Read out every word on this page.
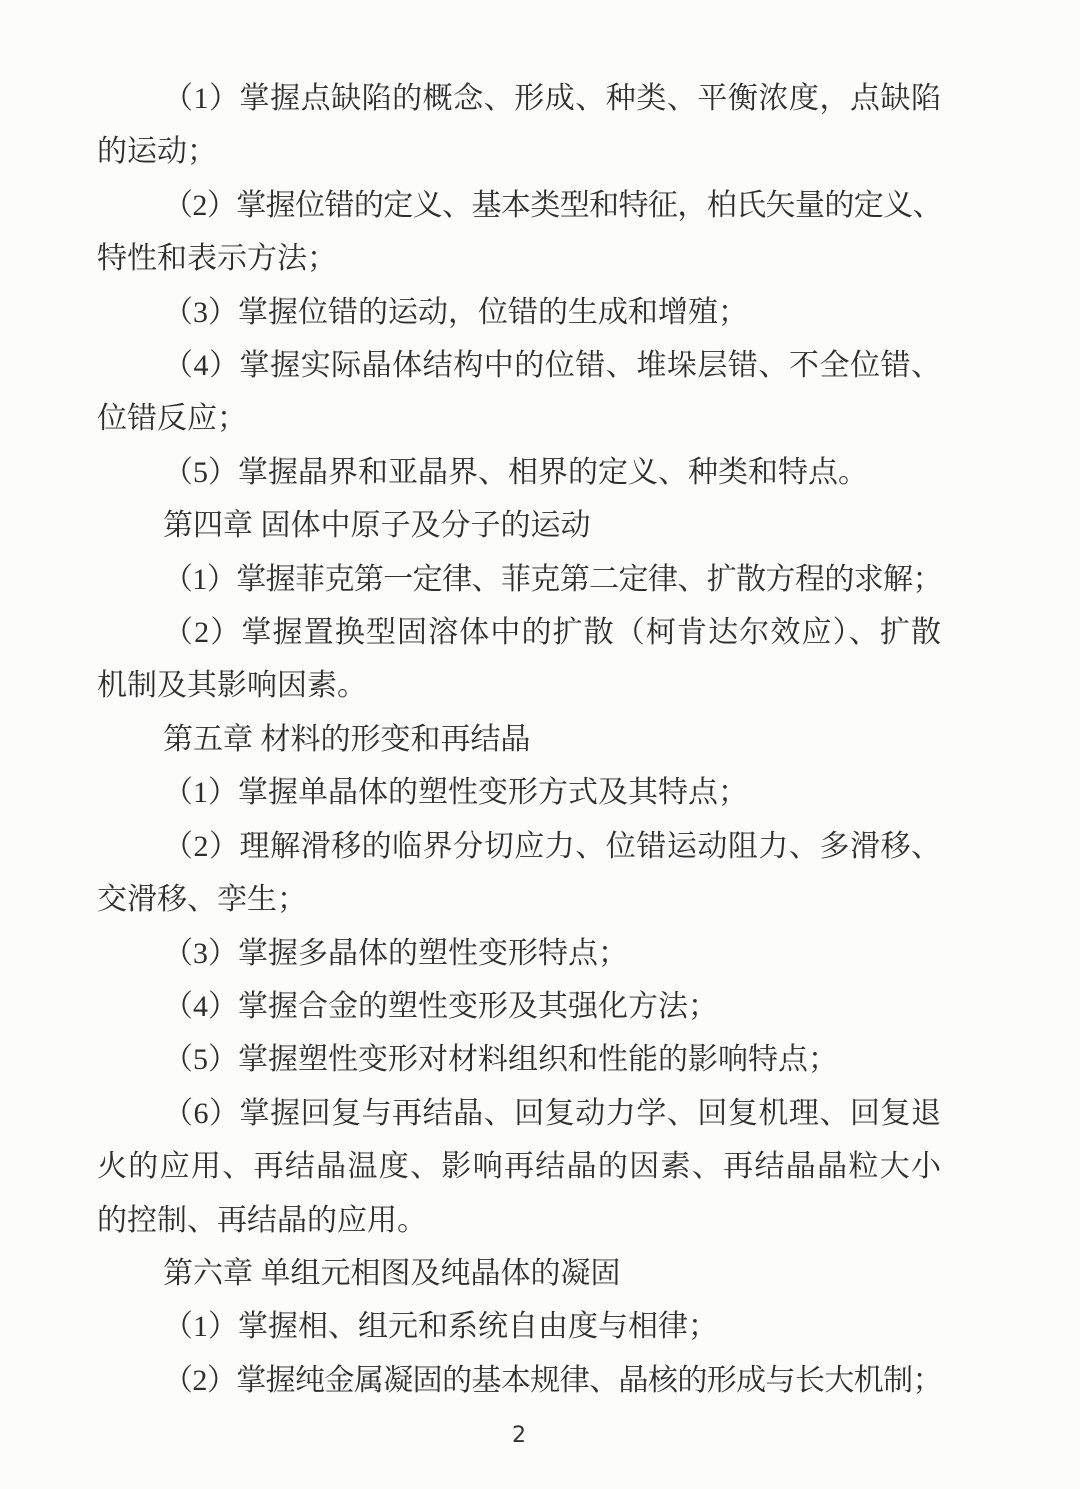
（1）掌握点缺陷的概念、形成、种类、平衡浓度，点缺陷
的运动；
（2）掌握位错的定义、基本类型和特征，柏氏矢量的定义、
特性和表示方法；
（3）掌握位错的运动，位错的生成和增殖；
（4）掌握实际晶体结构中的位错、堆垛层错、不全位错、
位错反应；
（5）掌握晶界和亚晶界、相界的定义、种类和特点。
第四章 固体中原子及分子的运动
（1）掌握菲克第一定律、菲克第二定律、扩散方程的求解；
（2）掌握置换型固溶体中的扩散（柯肯达尔效应）、扩散
机制及其影响因素。
第五章 材料的形变和再结晶
（1）掌握单晶体的塑性变形方式及其特点；
（2）理解滑移的临界分切应力、位错运动阻力、多滑移、
交滑移、孪生；
（3）掌握多晶体的塑性变形特点；
（4）掌握合金的塑性变形及其强化方法；
（5）掌握塑性变形对材料组织和性能的影响特点；
（6）掌握回复与再结晶、回复动力学、回复机理、回复退
火的应用、再结晶温度、影响再结晶的因素、再结晶晶粒大小
的控制、再结晶的应用。
第六章 单组元相图及纯晶体的凝固
（1）掌握相、组元和系统自由度与相律；
（2）掌握纯金属凝固的基本规律、晶核的形成与长大机制；
2
